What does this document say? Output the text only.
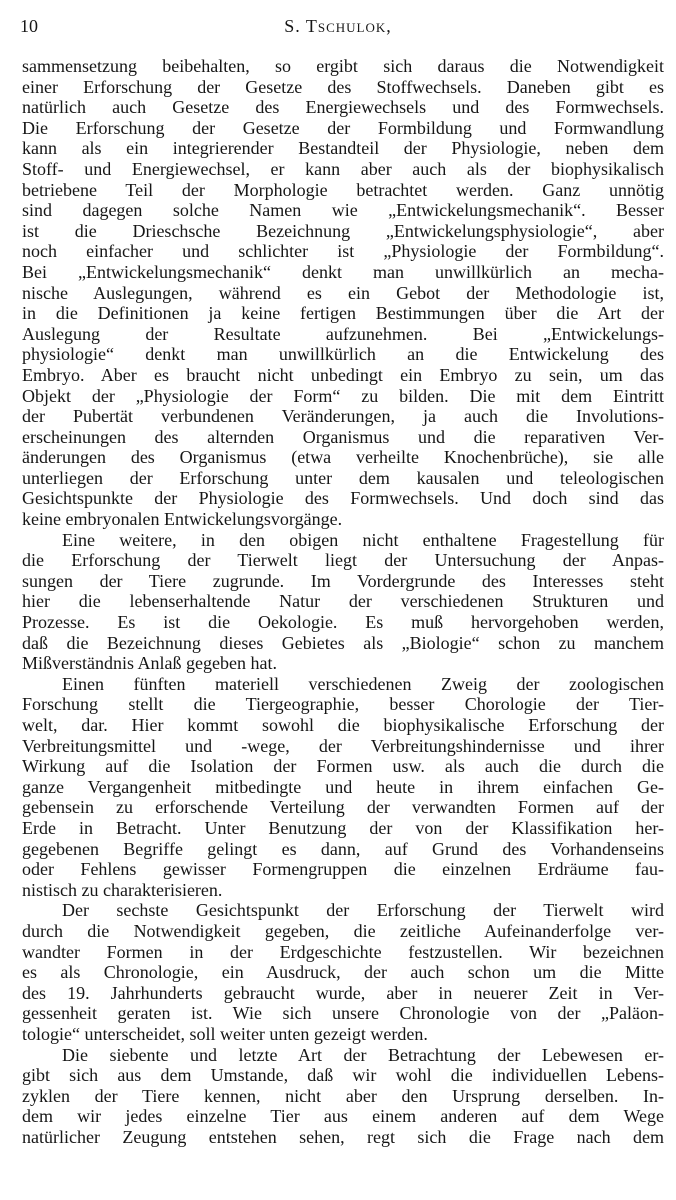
10	S. Tschulok,
sammensetzung beibehalten, so ergibt sich daraus die Notwendigkeit
einer Erforschung der Gesetze des Stoffwechsels. Daneben gibt es
natürlich auch Gesetze des Energiewechsels und des Formwechsels.
Die Erforschung der Gesetze der Formbildung und Formwandlung
kann als ein integrierender Bestandteil der Physiologie, neben dem
Stoff- und Energiewechsel, er kann aber auch als der biophysikalisch
betriebene Teil der Morphologie betrachtet werden. Ganz unnötig
sind dagegen solche Namen wie „Entwickelungsmechanik“. Besser
ist die Drieschsche Bezeichnung „Entwickelungsphysiologie“, aber
noch einfacher und schlichter ist „Physiologie der Formbildung“.
Bei „Entwickelungsmechanik“ denkt man unwillkürlich an mecha-
nische Auslegungen, während es ein Gebot der Methodologie ist,
in die Definitionen ja keine fertigen Bestimmungen über die Art der
Auslegung der Resultate aufzunehmen. Bei „Entwickelungs-
physiologie“ denkt man unwillkürlich an die Entwickelung des
Embryo. Aber es braucht nicht unbedingt ein Embryo zu sein, um das
Objekt der „Physiologie der Form“ zu bilden. Die mit dem Eintritt
der Pubertät verbundenen Veränderungen, ja auch die Involutions-
erscheinungen des alternden Organismus und die reparativen Ver-
änderungen des Organismus (etwa verheilte Knochenbrüche), sie alle
unterliegen der Erforschung unter dem kausalen und teleologischen
Gesichtspunkte der Physiologie des Formwechsels. Und doch sind das
keine embryonalen Entwickelungsvorgänge.
Eine weitere, in den obigen nicht enthaltene Fragestellung für
die Erforschung der Tierwelt liegt der Untersuchung der Anpas-
sungen der Tiere zugrunde. Im Vordergrunde des Interesses steht
hier die lebenserhaltende Natur der verschiedenen Strukturen und
Prozesse. Es ist die Oekologie. Es muß hervorgehoben werden,
daß die Bezeichnung dieses Gebietes als „Biologie“ schon zu manchem
Mißverständnis Anlaß gegeben hat.
Einen fünften materiell verschiedenen Zweig der zoologischen
Forschung stellt die Tiergeographie, besser Chorologie der Tier-
welt, dar. Hier kommt sowohl die biophysikalische Erforschung der
Verbreitungsmittel und -wege, der Verbreitungshindernisse und ihrer
Wirkung auf die Isolation der Formen usw. als auch die durch die
ganze Vergangenheit mitbedingte und heute in ihrem einfachen Ge-
gebensein zu erforschende Verteilung der verwandten Formen auf der
Erde in Betracht. Unter Benutzung der von der Klassifikation her-
gegebenen Begriffe gelingt es dann, auf Grund des Vorhandenseins
oder Fehlens gewisser Formengruppen die einzelnen Erdräume fau-
nistisch zu charakterisieren.
Der sechste Gesichtspunkt der Erforschung der Tierwelt wird
durch die Notwendigkeit gegeben, die zeitliche Aufeinanderfolge ver-
wandter Formen in der Erdgeschichte festzustellen. Wir bezeichnen
es als Chronologie, ein Ausdruck, der auch schon um die Mitte
des 19. Jahrhunderts gebraucht wurde, aber in neuerer Zeit in Ver-
gessenheit geraten ist. Wie sich unsere Chronologie von der „Paläon-
tologie“ unterscheidet, soll weiter unten gezeigt werden.
Die siebente und letzte Art der Betrachtung der Lebewesen er-
gibt sich aus dem Umstande, daß wir wohl die individuellen Lebens-
zyklen der Tiere kennen, nicht aber den Ursprung derselben. In-
dem wir jedes einzelne Tier aus einem anderen auf dem Wege
natürlicher Zeugung entstehen sehen, regt sich die Frage nach dem
